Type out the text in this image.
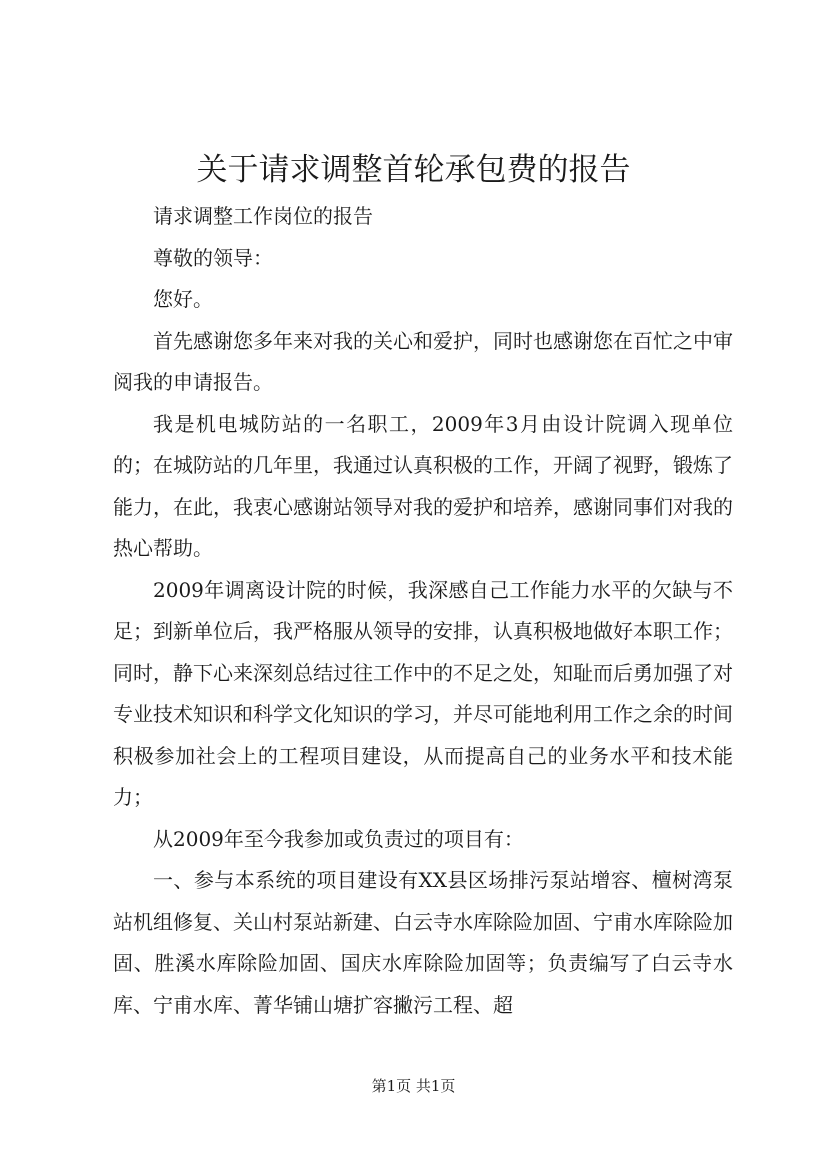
关于请求调整首轮承包费的报告

请求调整工作岗位的报告

尊敬的领导：

您好。

首先感谢您多年来对我的关心和爱护，同时也感谢您在百忙之中审阅我的申请报告。

我是机电城防站的一名职工，2009年3月由设计院调入现单位的；在城防站的几年里，我通过认真积极的工作，开阔了视野，锻炼了能力，在此，我衷心感谢站领导对我的爱护和培养，感谢同事们对我的热心帮助。

2009年调离设计院的时候，我深感自己工作能力水平的欠缺与不足；到新单位后，我严格服从领导的安排，认真积极地做好本职工作；同时，静下心来深刻总结过往工作中的不足之处，知耻而后勇加强了对专业技术知识和科学文化知识的学习，并尽可能地利用工作之余的时间积极参加社会上的工程项目建设，从而提高自己的业务水平和技术能力；

从2009年至今我参加或负责过的项目有：

一、参与本系统的项目建设有XX县区场排污泵站增容、檀树湾泵站机组修复、关山村泵站新建、白云寺水库除险加固、宁甫水库除险加固、胜溪水库除险加固、国庆水库除险加固等；负责编写了白云寺水库、宁甫水库、菁华铺山塘扩容撇污工程、超

第1页 共1页
